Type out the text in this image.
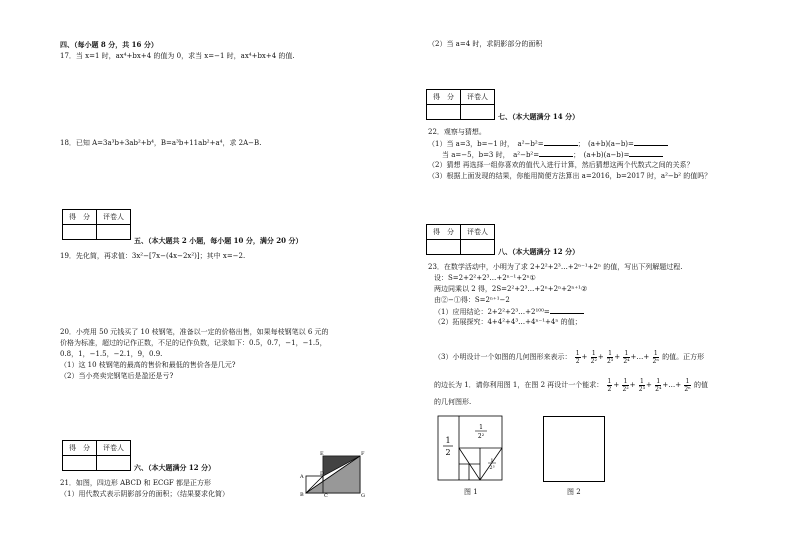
四、（每小题 8 分，共 16 分）
17．当 x=1 时，ax⁴+bx+4 的值为 0，求当 x=−1 时，ax⁴+bx+4 的值.
18．已知 A=3a³b+3ab²+b⁴，B=a³b+11ab²+a⁴，求 2A−B.
得　分	评卷人

五、（本大题共 2 小题，每小题 10 分，满分 20 分）
19．先化简，再求值：3x²−[7x−(4x−2x²)]；其中 x=−2.
20．小亮用 50 元钱买了 10 枝钢笔，准备以一定的价格出售，如果每枝钢笔以 6 元的
价格为标准，超过的记作正数，不足的记作负数，记录如下：0.5，0.7，−1，−1.5，
0.8，1，−1.5，−2.1，9，0.9.
（1）这 10 枝钢笔的最高的售价和最低的售价各是几元?
（2）当小亮卖完钢笔后是盈还是亏?
得　分	评卷人

六、（本大题满分 12 分）
21．如图，四边形 ABCD 和 ECGF 都是正方形
（1）用代数式表示阴影部分的面积；（结果要求化简）
A
B	C
D
E	F
G
（2）当 a=4 时，求阴影部分的面积
得　分	评卷人

七、（本大题满分 14 分）
22．观察与猜想。
（1）当 a=3，b=−1 时，　a²−b²=	；　(a+b)(a−b)=
　　当 a=−5，b=3 时，　a²−b²=	；　(a+b)(a−b)=
（2）猜想 再选择一组你喜欢的值代入进行计算，然后猜想这两个代数式之间的关系？
（3）根据上面发现的结果，你能用简便方法算出 a=2016，b=2017 时，a²−b² 的值吗？
得　分	评卷人

八、（本大题满分 12 分）
23．在数学活动中，小明为了求 2+2²+2³…+2ⁿ⁻¹+2ⁿ 的值，写出下列解题过程.
设：S=2+2²+2³…+2ⁿ⁻¹+2ⁿ①
两边同乘以 2 得，2S=2²+2³…+2ⁿ+2ⁿ+2ⁿ⁺¹②
由②−①得：S=2ⁿ⁺¹−2
（1）应用结论：2+2²+2³…+2¹⁰⁰=
（2）拓展探究：4+4²+4³…+4ⁿ⁻¹+4ⁿ 的值；
（3）小明设计一个如图的几何图形来表示： $\frac{1}{2} + \frac{1}{\text{2²}} + \frac{1}{\text{2³}} + \frac{1}{\text{2⁴}}$ +…+ $\frac{1}{\text{2ⁿ}}$ 的值。正方形
的边长为 1．请你利用图 1，在图 2 再设计一个能求： $\frac{1}{2} + \frac{1}{\text{2²}} + \frac{1}{\text{2³}} + \frac{1}{\text{2⁴}}$ +…+ $\frac{1}{\text{2ⁿ}}$ 的值
的几何图形.
1
2
1
2²
1
2³
图 1	图 2
